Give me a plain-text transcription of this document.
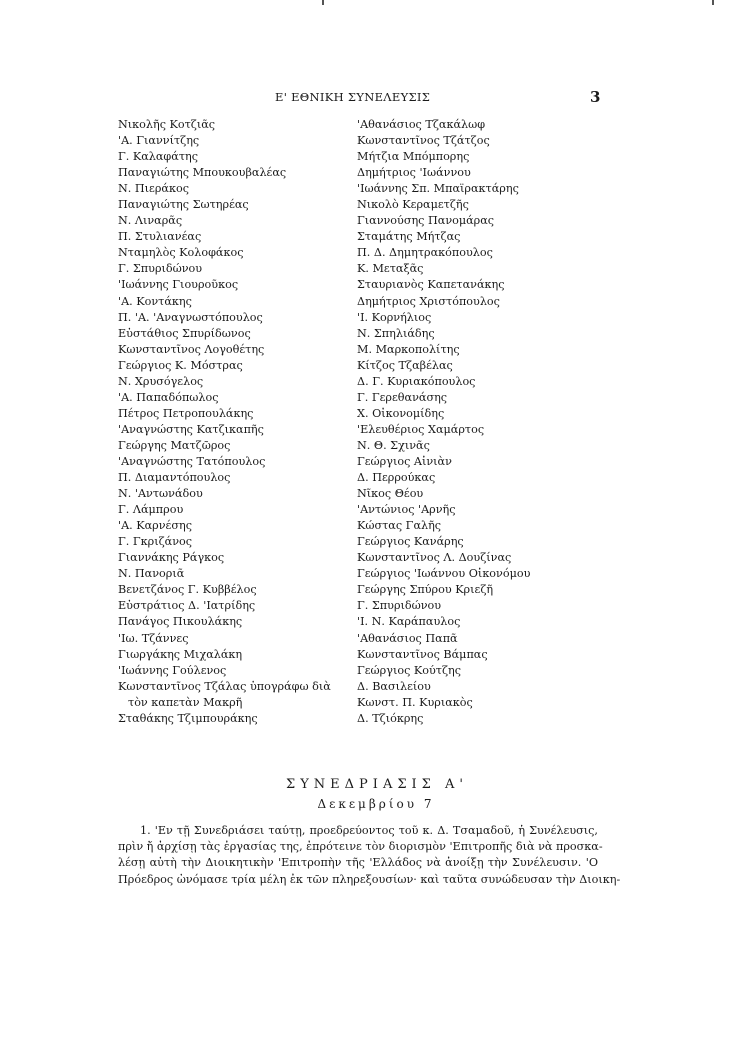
Ε' ΕΘΝΙΚΗ ΣΥΝΕΛΕΥΣΙΣ	3
Νικολῆς Κοτζιᾶς
'Α. Γιαννίτζης
Γ. Καλαφάτης
Παναγιώτης Μπουκουβαλέας
Ν. Πιεράκος
Παναγιώτης Σωτηρέας
Ν. Λιναρᾶς
Π. Στυλιανέας
Νταμηλὸς Κολοφάκος
Γ. Σπυριδώνου
'Ιωάννης Γιουροῦκος
'Α. Κοντάκης
Π. 'Α. 'Αναγνωστόπουλος
Εὐστάθιος Σπυρίδωνος
Κωνσταντῖνος Λογοθέτης
Γεώργιος Κ. Μόστρας
Ν. Χρυσόγελος
'Α. Παπαδόπωλος
Πέτρος Πετροπουλάκης
'Αναγνώστης Κατζικαπῆς
Γεώργης Ματζῶρος
'Αναγνώστης Τατόπουλος
Π. Διαμαντόπουλος
Ν. 'Αντωνάδου
Γ. Λάμπρου
'Α. Καρνέσης
Γ. Γκριζάνος
Γιαννάκης Ράγκος
Ν. Πανοριᾶ
Βενετζάνος Γ. Κυββέλος
Εὐστράτιος Δ. 'Ιατρίδης
Πανάγος Πικουλάκης
'Ιω. Τζάννες
Γιωργάκης Μιχαλάκη
'Ιωάννης Γούλενος
Κωνσταντῖνος Τζάλας ὑπογράφω διὰ
τὸν καπετὰν Μακρῆ
Σταθάκης Τζιμπουράκης
'Αθανάσιος Τζακάλωφ
Κωνσταντῖνος Τζάτζος
Μήτζια Μπόμπορης
Δημήτριος 'Ιωάννου
'Ιωάννης Σπ. Μπαϊρακτάρης
Νικολὸ Κεραμετζῆς
Γιαννούσης Πανομάρας
Σταμάτης Μήτζας
Π. Δ. Δημητρακόπουλος
Κ. Μεταξᾶς
Σταυριανὸς Καπετανάκης
Δημήτριος Χριστόπουλος
'Ι. Κορνήλιος
Ν. Σπηλιάδης
Μ. Μαρκοπολίτης
Κίτζος Τζαβέλας
Δ. Γ. Κυριακόπουλος
Γ. Γερεθανάσης
Χ. Οἰκονομίδης
'Ελευθέριος Χαμάρτος
Ν. Θ. Σχινᾶς
Γεώργιος Αἰνιὰν
Δ. Περρούκας
Νῖκος Θέου
'Αντώνιος 'Αρνῆς
Κώστας Γαλῆς
Γεώργιος Κανάρης
Κωνσταντῖνος Λ. Δουζίνας
Γεώργιος 'Ιωάννου Οἰκονόμου
Γεώργης Σπύρου Κριεζῆ
Γ. Σπυριδώνου
'Ι. Ν. Καράπαυλος
'Αθανάσιος Παπᾶ
Κωνσταντῖνος Βάμπας
Γεώργιος Κούτζης
Δ. Βασιλείου
Κωνστ. Π. Κυριακὸς
Δ. Τζιόκρης
ΣΥΝΕΔΡΙΑΣΙΣ Α'
Δεκεμβρίου 7
1. 'Εν τῇ Συνεδριάσει ταύτῃ, προεδρεύοντος τοῦ κ. Δ. Τσαμαδοῦ, ἡ Συνέλευσις,
πρὶν ἤ ἀρχίσῃ τὰς ἐργασίας της, ἐπρότεινε τὸν διορισμὸν 'Επιτροπῆς διὰ νὰ προσκα-
λέσῃ αὐτὴ τὴν Διοικητικὴν 'Επιτροπὴν τῆς 'Ελλάδος νὰ ἀνοίξῃ τὴν Συνέλευσιν. 'Ο
Πρόεδρος ὠνόμασε τρία μέλη ἐκ τῶν πληρεξουσίων· καὶ ταῦτα συνώδευσαν τὴν Διοικη-
